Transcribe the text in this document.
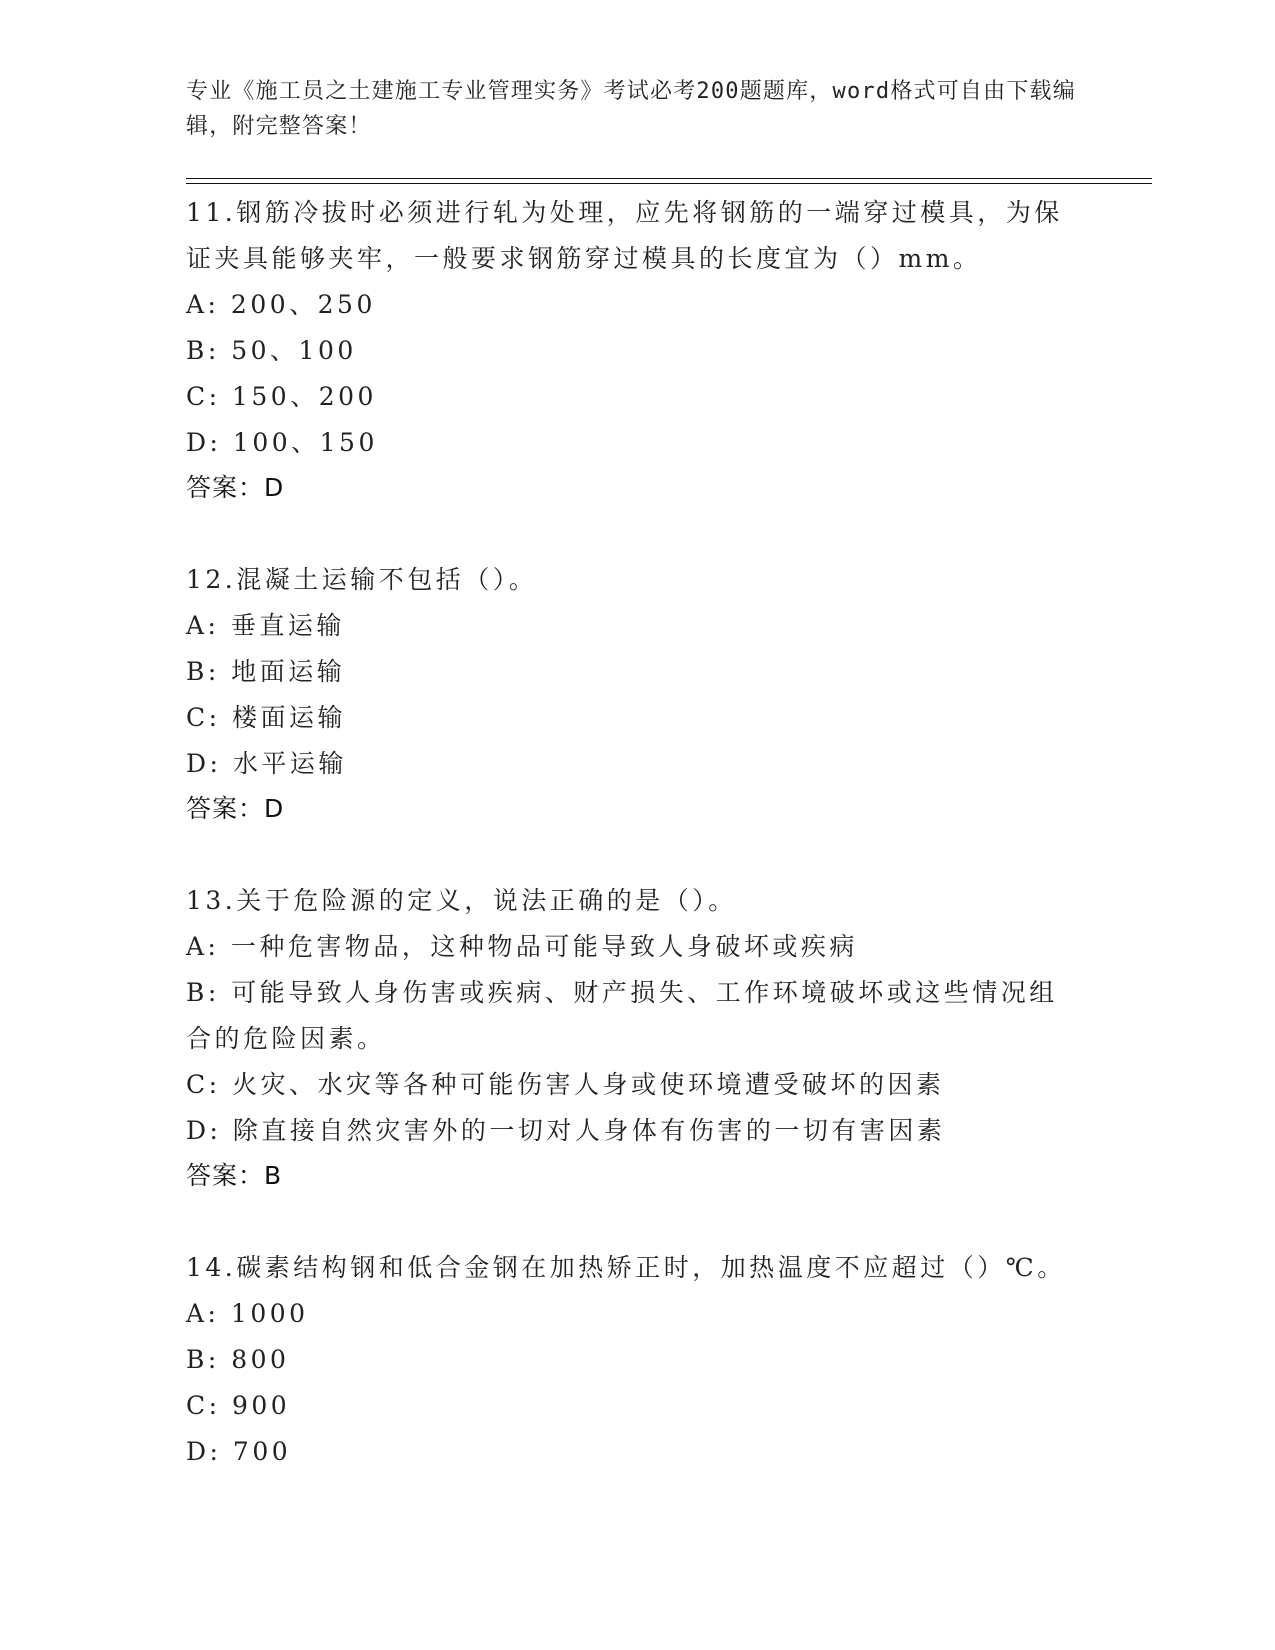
专业《施工员之土建施工专业管理实务》考试必考200题题库，word格式可自由下载编辑，附完整答案！
11.钢筋冷拔时必须进行轧为处理，应先将钢筋的一端穿过模具，为保证夹具能够夹牢，一般要求钢筋穿过模具的长度宜为（）mm。
A: 200、250
B: 50、100
C: 150、200
D: 100、150
答案：D
12.混凝土运输不包括（）。
A: 垂直运输
B: 地面运输
C: 楼面运输
D: 水平运输
答案：D
13.关于危险源的定义，说法正确的是（）。
A: 一种危害物品，这种物品可能导致人身破坏或疾病
B: 可能导致人身伤害或疾病、财产损失、工作环境破坏或这些情况组合的危险因素。
C: 火灾、水灾等各种可能伤害人身或使环境遭受破坏的因素
D: 除直接自然灾害外的一切对人身体有伤害的一切有害因素
答案：B
14.碳素结构钢和低合金钢在加热矫正时，加热温度不应超过（）℃。
A: 1000
B: 800
C: 900
D: 700
